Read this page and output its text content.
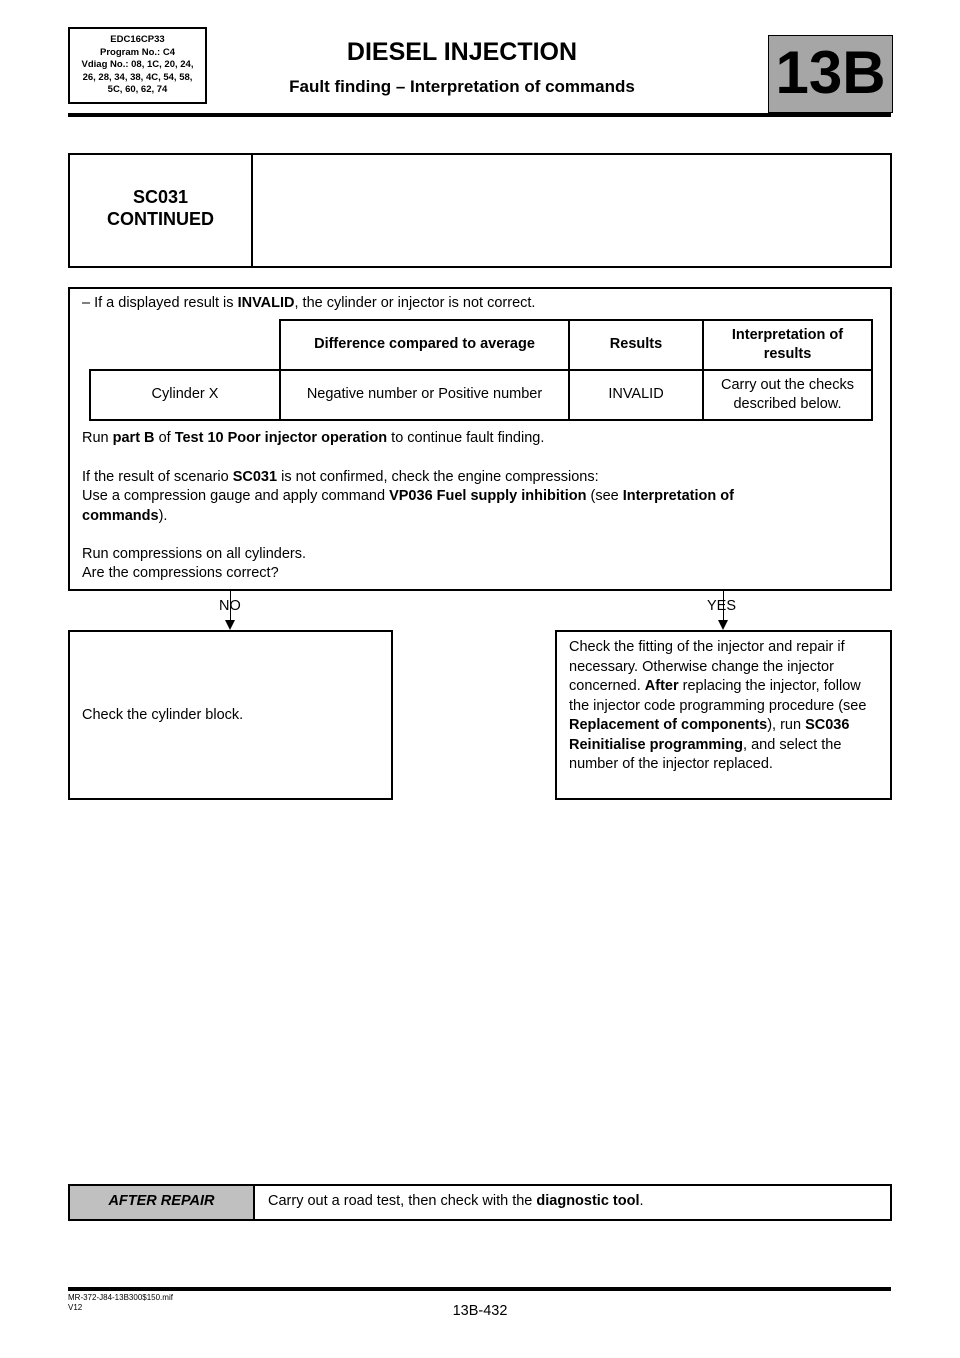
EDC16CP33
Program No.: C4
Vdiag No.: 08, 1C, 20, 24,
26, 28, 34, 38, 4C, 54, 58,
5C, 60, 62, 74
DIESEL INJECTION
Fault finding – Interpretation of commands	13B
SC031
CONTINUED
– If a displayed result is INVALID, the cylinder or injector is not correct.
	Difference compared to average	Results	Interpretation of results
Cylinder X	Negative number or Positive number	INVALID	Carry out the checks described below.
Run part B of Test 10 Poor injector operation to continue fault finding.
If the result of scenario SC031 is not confirmed, check the engine compressions:
Use a compression gauge and apply command VP036 Fuel supply inhibition (see Interpretation of commands).
Run compressions on all cylinders.
Are the compressions correct?
NO	YES
Check the cylinder block.
Check the fitting of the injector and repair if necessary. Otherwise change the injector concerned. After replacing the injector, follow the injector code programming procedure (see Replacement of components), run SC036 Reinitialise programming, and select the number of the injector replaced.
AFTER REPAIR	Carry out a road test, then check with the diagnostic tool.
MR-372-J84-13B300$150.mif
V12	13B-432
